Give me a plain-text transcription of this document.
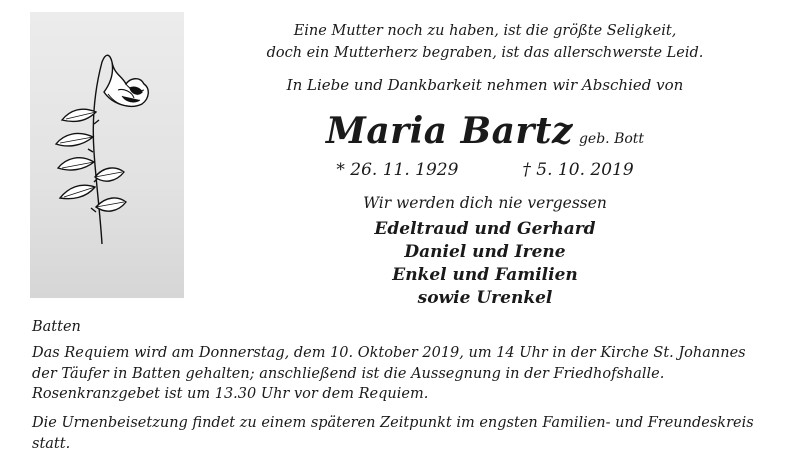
Eine Mutter noch zu haben, ist die größte Seligkeit,
doch ein Mutterherz begraben, ist das allerschwerste Leid.
In Liebe und Dankbarkeit nehmen wir Abschied von
Maria Bartz geb. Bott
* 26. 11. 1929	† 5. 10. 2019
Wir werden dich nie vergessen
Edeltraud und Gerhard
Daniel und Irene
Enkel und Familien
sowie Urenkel
Batten
Das Requiem wird am Donnerstag, dem 10. Oktober 2019, um 14 Uhr in der Kirche St. Johannes
der Täufer in Batten gehalten; anschließend ist die Aussegnung in der Friedhofshalle.
Rosenkranzgebet ist um 13.30 Uhr vor dem Requiem.
Die Urnenbeisetzung findet zu einem späteren Zeitpunkt im engsten Familien- und Freundeskreis statt.
